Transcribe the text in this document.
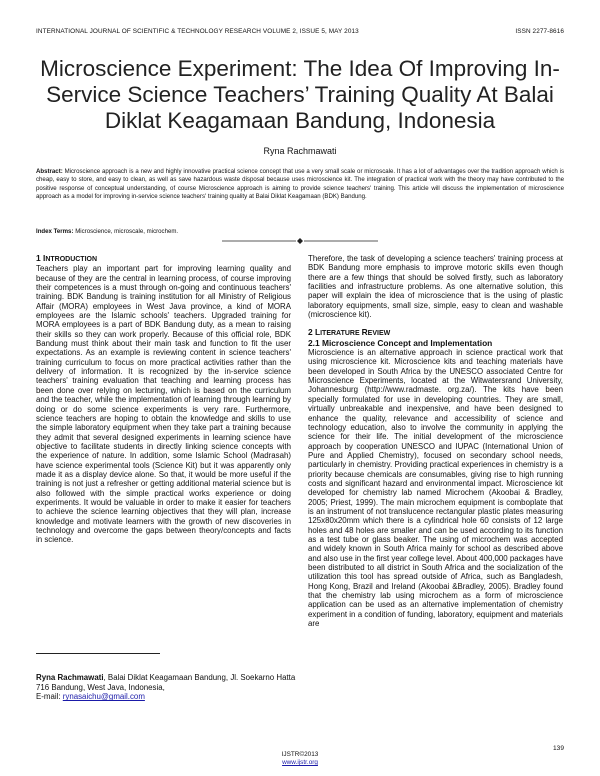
INTERNATIONAL JOURNAL OF SCIENTIFIC & TECHNOLOGY RESEARCH VOLUME 2, ISSUE 5, MAY 2013	ISSN 2277-8616
Microscience Experiment: The Idea Of Improving In-Service Science Teachers’ Training Quality At Balai Diklat Keagamaan Bandung, Indonesia
Ryna Rachmawati
Abstract: Microscience approach is a new and highly innovative practical science concept that use a very small scale or microscale. It has a lot of advantages over the tradition approach which is cheap, easy to store, and easy to clean, as well as save hazardous waste disposal because uses microscience kit. The integration of practical work with the theory may have contributed to the positive response of conceptual understanding, of course Microscience approach is aiming to provide science teachers' training. This article will discuss the implementation of microscience approach as a model for improving in-service science teachers' training quality at Balai Diklat Keagamaan (BDK) Bandung.
Index Terms: Microscience, microscale, microchem.

1 INTRODUCTION

Teachers play an important part for improving learning quality and because of they are the central in learning process, of course improving their competences is a must through on-going and continuous teachers' training. BDK Bandung is training institution for all Ministry of Religious Affair (MORA) employees in West Java province, a kind of MORA employees are the Islamic schools' teachers. Upgraded training for MORA employees is a part of BDK Bandung duty, as a mean to raising their skills so they can work properly. Because of this official role, BDK Bandung must think about their main task and function to fit the user expectations. As an example is reviewing content in science teachers' training curriculum to focus on more practical activities rather than the delivery of information. It is recognized by the in-service science teachers' training evaluation that teaching and learning process has been done over relying on lecturing, which is based on the curriculum and the teacher, while the implementation of learning through learning by doing or do some science experiments is very rare. Furthermore, science teachers are hoping to obtain the knowledge and skills to use the simple laboratory equipment when they take part a training because they admit that several designed experiments in learning science have objective to facilitate students in directly linking science concepts with the experience of nature. In addition, some Islamic School (Madrasah) have science experimental tools (Science Kit) but it was apparently only made it as a display device alone. So that, it would be more useful if the training is not just a refresher or getting additional material science but is also followed with the simple practical works experience or doing experiments. It would be valuable in order to make it easier for teachers to achieve the science learning objectives that they will plan, increase knowledge and motivate learners with the growth of new discoveries in technology and overcome the gaps between theory/concepts and facts in science.

Ryna Rachmawati, Balai Diklat Keagamaan Bandung, Jl. Soekarno Hatta 716 Bandung, West Java, Indonesia,
E-mail: rynasaichu@gmail.com

Therefore, the task of developing a science teachers' training process at BDK Bandung more emphasis to improve motoric skills even though there are a few things that should be solved firstly, such as laboratory facilities and infrastructure problems. As one alternative solution, this paper will explain the idea of microscience that is the using of plastic laboratory equipments, small size, simple, easy to clean and washable (microscience kit).

2 LITERATURE REVIEW

2.1 Microscience Concept and Implementation

Microscience is an alternative approach in science practical work that using microscience kit. Microscience kits and teaching materials have been developed in South Africa by the UNESCO associated Centre for Microscience Experiments, located at the Witwatersrand University, Johannesburg (http://www.radmaste. org.za/). The kits have been specially formulated for use in developing countries. They are small, virtually unbreakable and inexpensive, and have been designed to enhance the quality, relevance and accessibility of science and technology education, also to involve the community in applying the science for their life. The initial development of the microscience approach by cooperation UNESCO and IUPAC (International Union of Pure and Applied Chemistry), focused on secondary school needs, particularly in chemistry. Providing practical experiences in chemistry is a priority because chemicals are consumables, giving rise to high running costs and significant hazard and environmental impact. Microscience kit developed for chemistry lab named Microchem (Akoobai & Bradley, 2005; Priest, 1999). The main microchem equipment is comboplate that is an instrument of not translucence rectangular plastic plates measuring 125x80x20mm which there is a cylindrical hole 60 consists of 12 large holes and 48 holes are smaller and can be used according to its function as a test tube or glass beaker. The using of microchem was accepted and widely known in South Africa mainly for school as described above and also use in the first year college level. About 400,000 packages have been distributed to all district in South Africa and the socialization of the utilization this tool has spread outside of Africa, such as Bangladesh, Hong Kong, Brazil and Ireland (Akoobai &Bradley, 2005). Bradley found that the chemistry lab using microchem as a form of microscience application can be used as an alternative implementation of chemistry experiment in a condition of funding, laboratory, equipment and materials are

139
IJSTR©2013
www.ijstr.org
